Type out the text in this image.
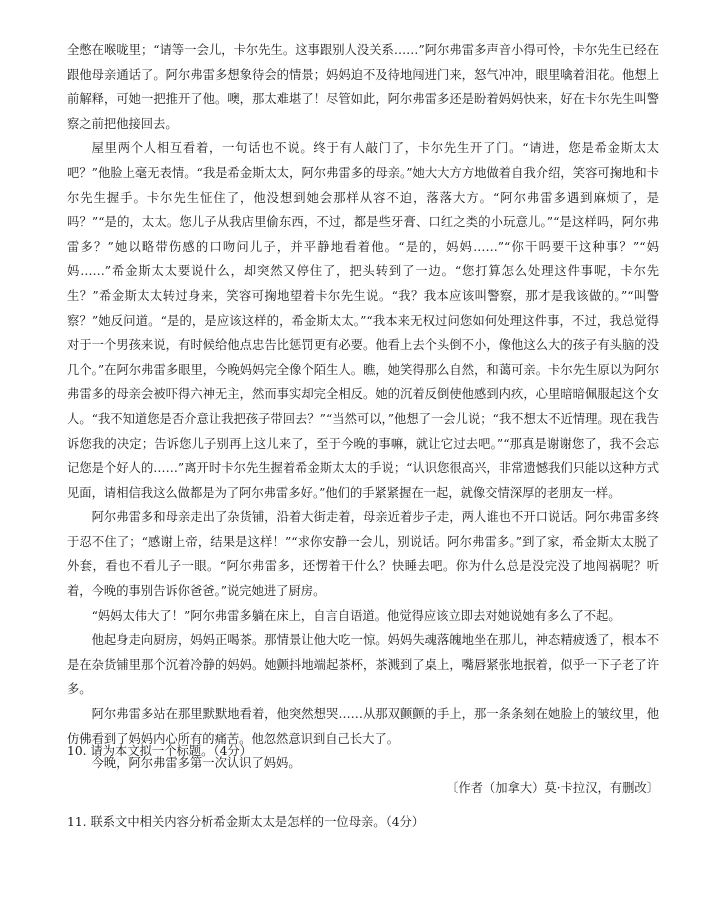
全憋在喉咙里；“请等一会儿，卡尔先生。这事跟别人没关系……”阿尔弗雷多声音小得可怜，卡尔先生已经在跟他母亲通话了。阿尔弗雷多想象待会的情景；妈妈迫不及待地闯进门来，怒气冲冲，眼里噙着泪花。他想上前解释，可她一把推开了他。噢，那太难堪了！尽管如此，阿尔弗雷多还是盼着妈妈快来，好在卡尔先生叫警察之前把他接回去。

屋里两个人相互看着，一句话也不说。终于有人敲门了，卡尔先生开了门。“请进，您是希金斯太太吧？”他脸上毫无表情。“我是希金斯太太，阿尔弗雷多的母亲。”她大大方方地做着自我介绍，笑容可掬地和卡尔先生握手。卡尔先生怔住了，他没想到她会那样从容不迫，落落大方。“阿尔弗雷多遇到麻烦了，是吗？”“是的，太太。您儿子从我店里偷东西，不过，都是些牙膏、口红之类的小玩意儿。”“是这样吗，阿尔弗雷多？”她以略带伤感的口吻问儿子，并平静地看着他。“是的，妈妈……”“你干吗要干这种事？”“妈妈……”希金斯太太要说什么，却突然又停住了，把头转到了一边。“您打算怎么处理这件事呢，卡尔先生？”希金斯太太转过身来，笑容可掬地望着卡尔先生说。“我？我本应该叫警察，那才是我该做的。”“叫警察？”她反问道。“是的，是应该这样的，希金斯太太。”“我本来无权过问您如何处理这件事，不过，我总觉得对于一个男孩来说，有时候给他点忠告比惩罚更有必要。他看上去个头倒不小，像他这么大的孩子有头脑的没几个。”在阿尔弗雷多眼里，今晚妈妈完全像个陌生人。瞧，她笑得那么自然，和蔼可亲。卡尔先生原以为阿尔弗雷多的母亲会被吓得六神无主，然而事实却完全相反。她的沉着反倒使他感到内疚，心里暗暗佩服起这个女人。“我不知道您是否介意让我把孩子带回去？”“当然可以，”他想了一会儿说；“我不想太不近情理。现在我告诉您我的决定；告诉您儿子别再上这儿来了，至于今晚的事嘛，就让它过去吧。”“那真是谢谢您了，我不会忘记您是个好人的……”离开时卡尔先生握着希金斯太太的手说；“认识您很高兴，非常遗憾我们只能以这种方式见面，请相信我这么做都是为了阿尔弗雷多好。”他们的手紧紧握在一起，就像交情深厚的老朋友一样。

阿尔弗雷多和母亲走出了杂货铺，沿着大街走着，母亲近着步子走，两人谁也不开口说话。阿尔弗雷多终于忍不住了；“感谢上帝，结果是这样！”“求你安静一会儿，别说话。阿尔弗雷多。”到了家，希金斯太太脱了外套，看也不看儿子一眼。“阿尔弗雷多，还愣着干什么？快睡去吧。你为什么总是没完没了地闯祸呢？听着，今晚的事别告诉你爸爸。”说完她进了厨房。

“妈妈太伟大了！”阿尔弗雷多躺在床上，自言自语道。他觉得应该立即去对她说她有多么了不起。

他起身走向厨房，妈妈正喝茶。那情景让他大吃一惊。妈妈失魂落魄地坐在那儿，神态精疲透了，根本不是在杂货铺里那个沉着冷静的妈妈。她颤抖地端起茶杯，茶溅到了桌上，嘴唇紧张地抿着，似乎一下子老了许多。

阿尔弗雷多站在那里默默地看着，他突然想哭……从那双颤颤的手上，那一条条刻在她脸上的皱纹里，他仿佛看到了妈妈内心所有的痛苦。他忽然意识到自己长大了。

今晚，阿尔弗雷多第一次认识了妈妈。

〔作者（加拿大）莫·卡拉汉，有删改〕

10. 请为本文拟一个标题。（4分）
11. 联系文中相关内容分析希金斯太太是怎样的一位母亲。（4分）
